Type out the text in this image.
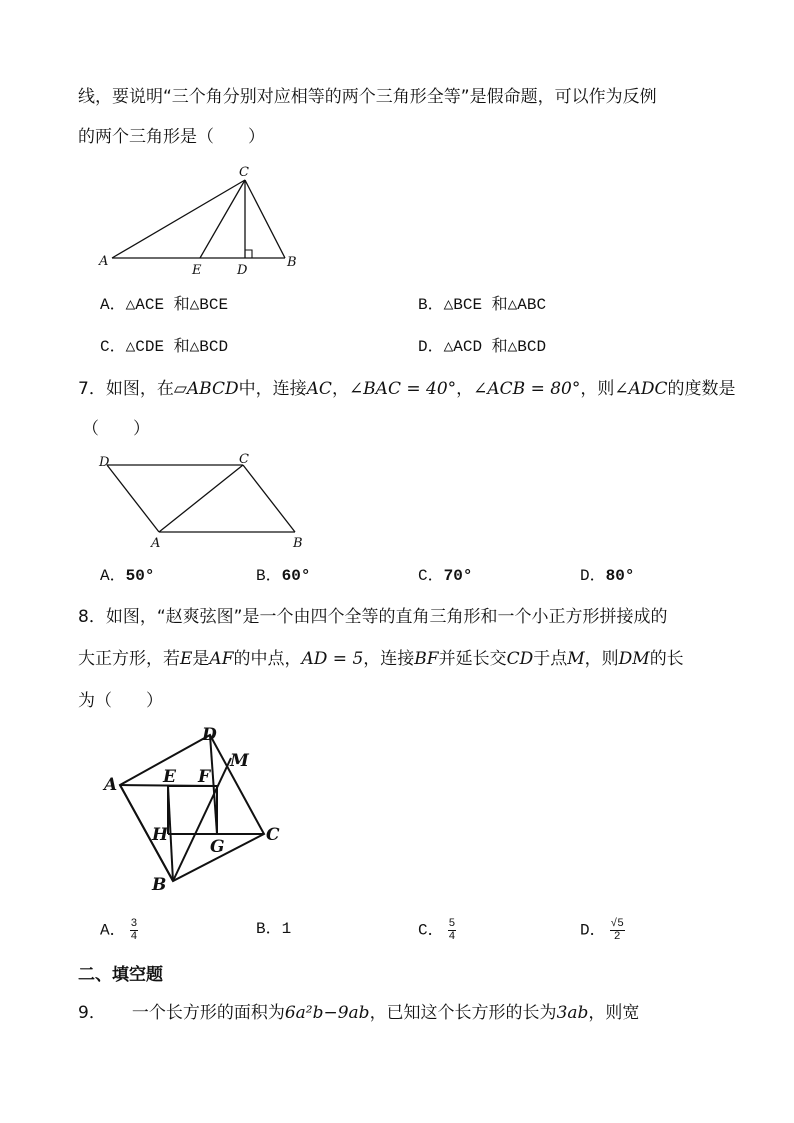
线，要说明“三个角分别对应相等的两个三角形全等”是假命题，可以作为反例
的两个三角形是（　　）
C
A
E	D
B
A．△ACE 和△BCE	B．△BCE 和△ABC
C．△CDE 和△BCD	D．△ACD 和△BCD
7．如图，在▱ABCD中，连接AC，∠BAC = 40°，∠ACB = 80°，则∠ADC的度数是
（　　）
D	C
A	B
A．50°	B．60°	C．70°	D．80°
8．如图，“赵爽弦图”是一个由四个全等的直角三角形和一个小正方形拼接成的
大正方形，若E是AF的中点，AD = 5，连接BF并延长交CD于点M，则DM的长
为（　　）
D
M
A	E F
H
G
C
B
A． $\frac{3}{4}$	B．1	C． $\frac{5}{4}$	D． $\frac{√5}{2}$
二、填空题
9． 一个长方形的面积为6a²b−9ab，已知这个长方形的长为3ab，则宽
